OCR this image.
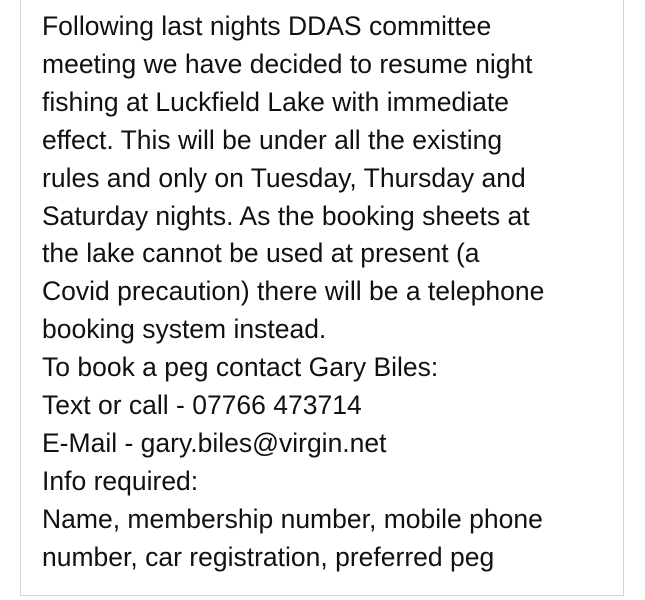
Following last nights DDAS committee
meeting we have decided to resume night
fishing at Luckfield Lake with immediate
effect. This will be under all the existing
rules and only on Tuesday, Thursday and
Saturday nights. As the booking sheets at
the lake cannot be used at present (a
Covid precaution) there will be a telephone
booking system instead.
To book a peg contact Gary Biles:
Text or call - 07766 473714
E-Mail - gary.biles@virgin.net
Info required:
Name, membership number, mobile phone
number, car registration, preferred peg
